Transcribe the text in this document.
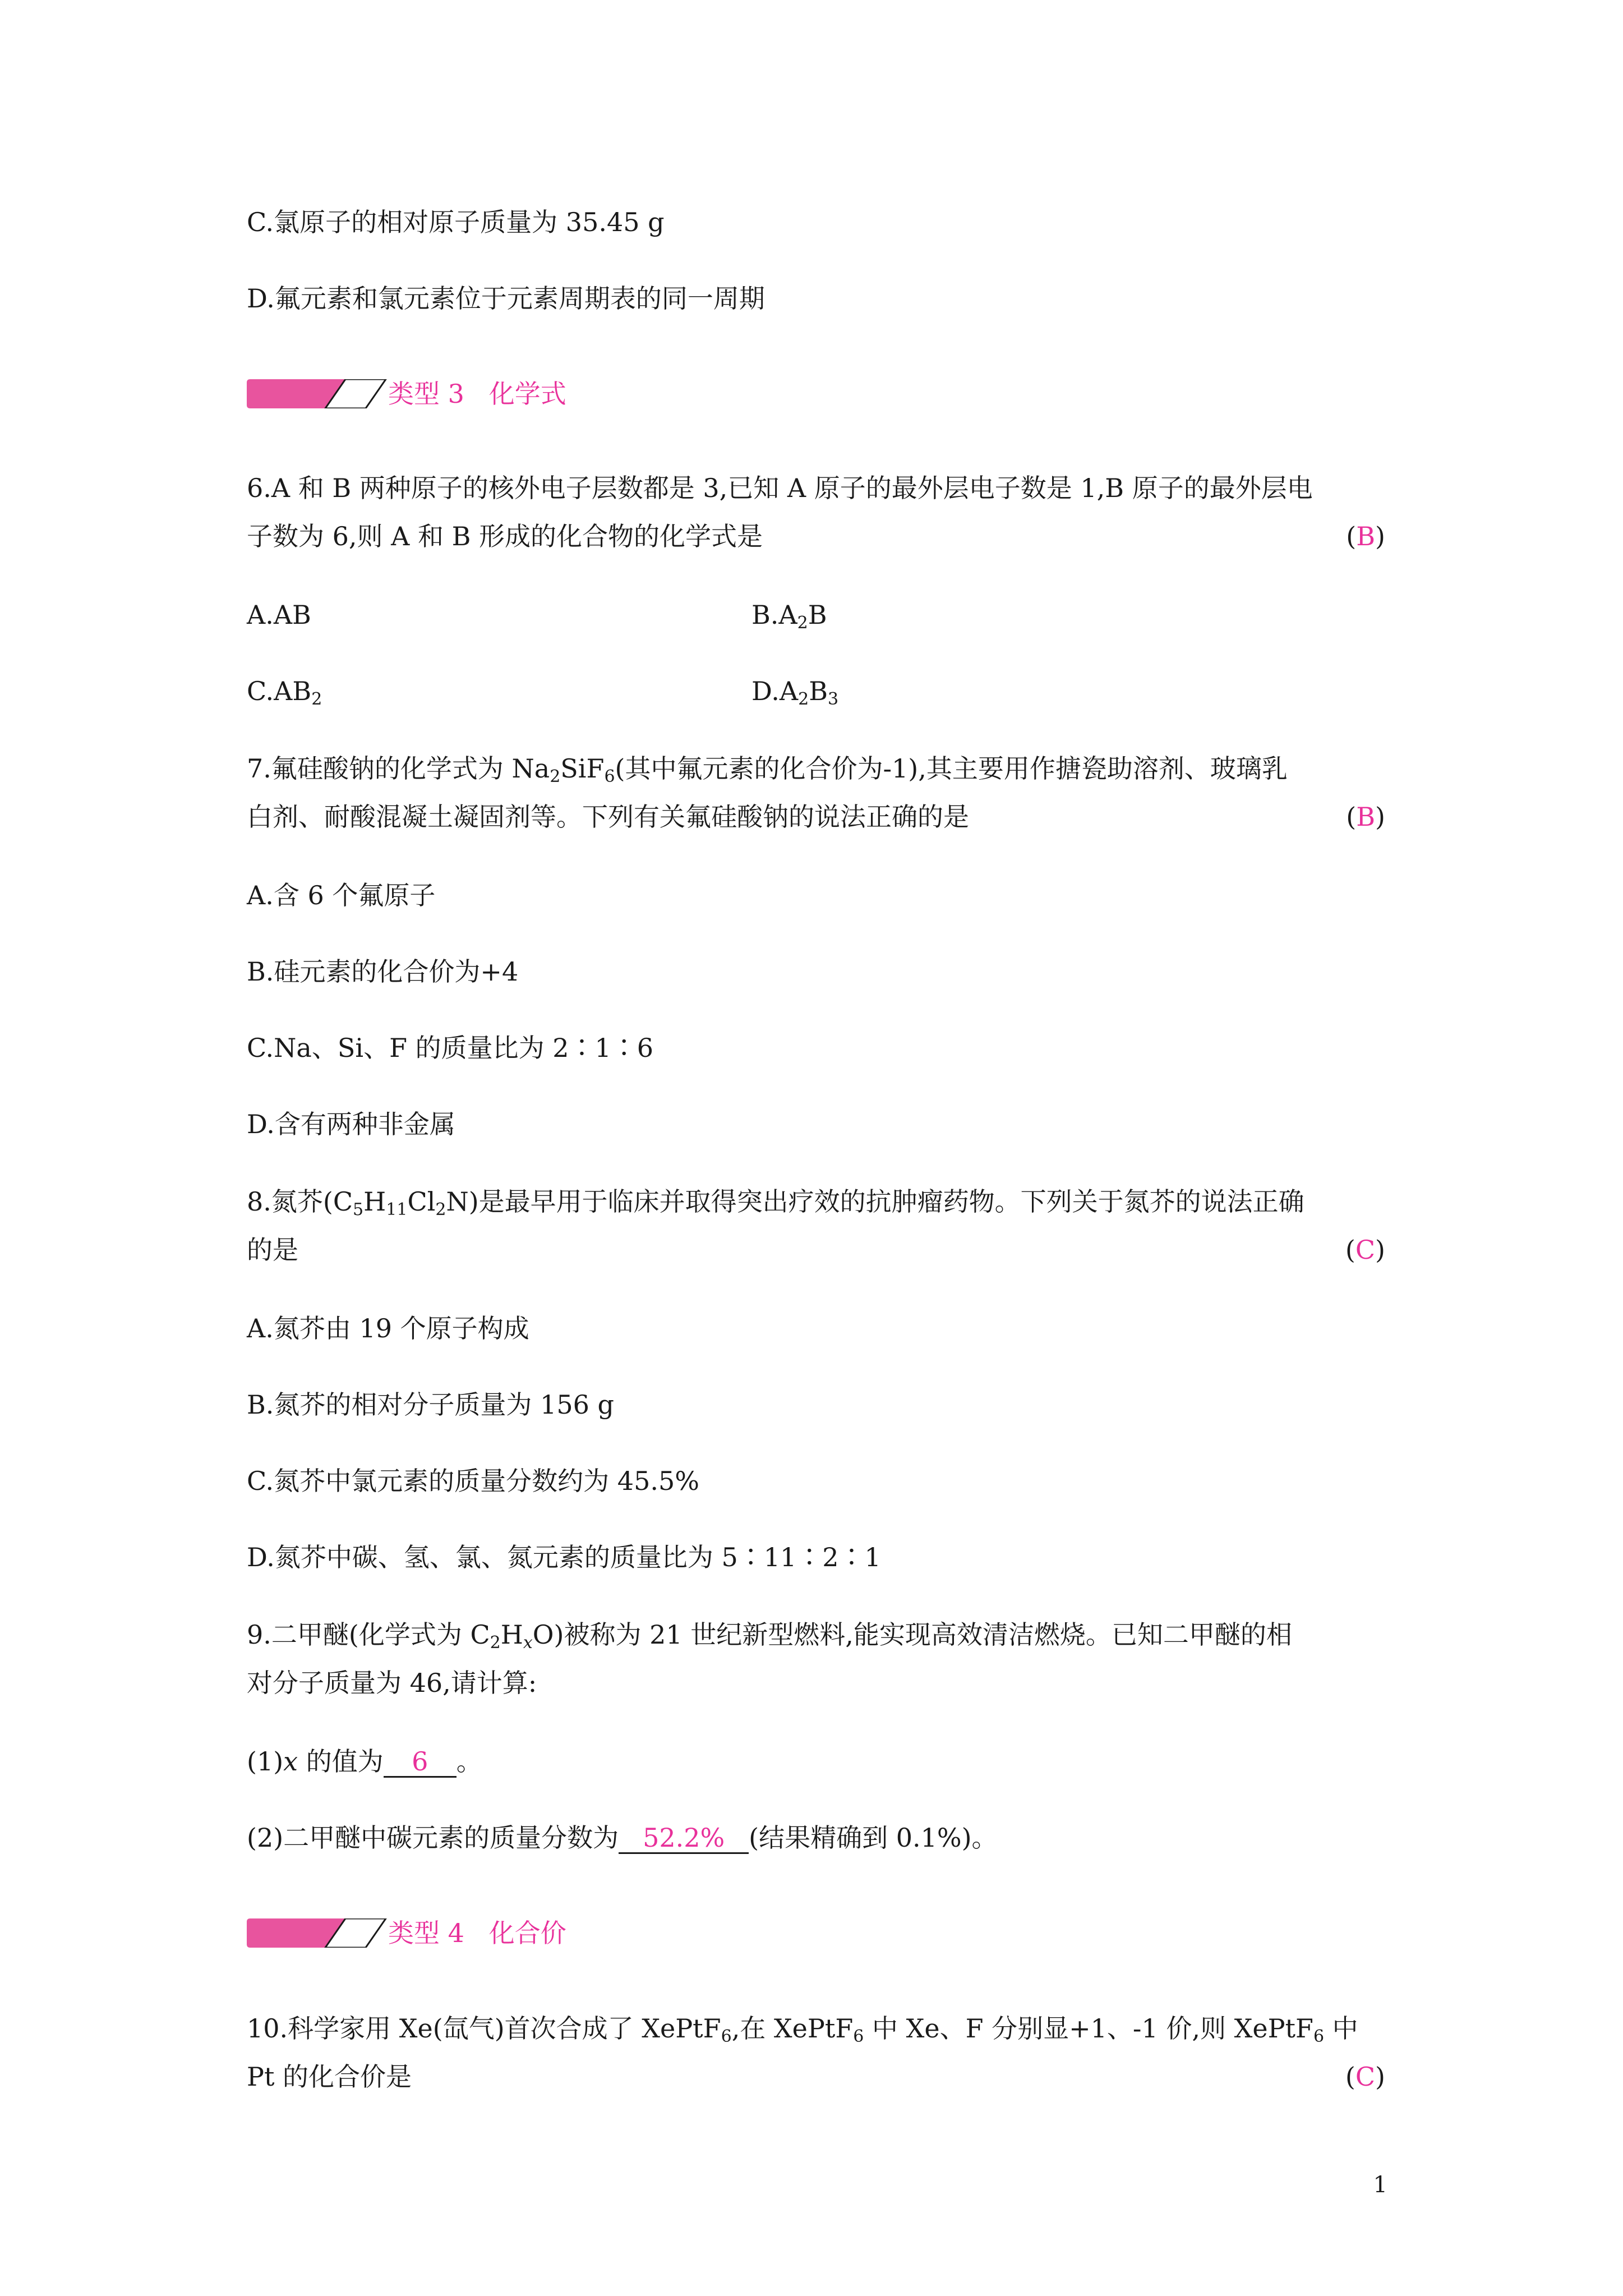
C.氯原子的相对原子质量为 35.45 g
D.氟元素和氯元素位于元素周期表的同一周期
类型 3 化学式
6.A 和 B 两种原子的核外电子层数都是 3,已知 A 原子的最外层电子数是 1,B 原子的最外层电
子数为 6,则 A 和 B 形成的化合物的化学式是	(B)
A.AB	$B.A_2B$
$C.AB_2$	$D.A_2B_3$
7.氟硅酸钠的化学式为 $Na_2SiF_6$(其中氟元素的化合价为-1),其主要用作搪瓷助溶剂、玻璃乳
白剂、耐酸混凝土凝固剂等。下列有关氟硅酸钠的说法正确的是	(B)
A.含 6 个氟原子
B.硅元素的化合价为+4
C.Na、Si、F 的质量比为 2∶1∶6
D.含有两种非金属
8.氮芥$(C_5H_{11}Cl_2N)$是最早用于临床并取得突出疗效的抗肿瘤药物。下列关于氮芥的说法正确
的是	(C)
A.氮芥由 19 个原子构成
B.氮芥的相对分子质量为 156 g
C.氮芥中氯元素的质量分数约为 45.5%
D.氮芥中碳、氢、氯、氮元素的质量比为 5∶11∶2∶1
9.二甲醚(化学式为 $C_2H_xO$)被称为 21 世纪新型燃料,能实现高效清洁燃烧。已知二甲醚的相
对分子质量为 46,请计算:
(1)x 的值为 6 。
(2)二甲醚中碳元素的质量分数为 52.2% (结果精确到 0.1%)。
类型 4 化合价
10.科学家用 Xe(氙气)首次合成了 XePtF$_6$,在 XePtF$_6$ 中 Xe、F 分别显+1、-1 价,则 XePtF$_6$ 中
Pt 的化合价是	(C)
1
